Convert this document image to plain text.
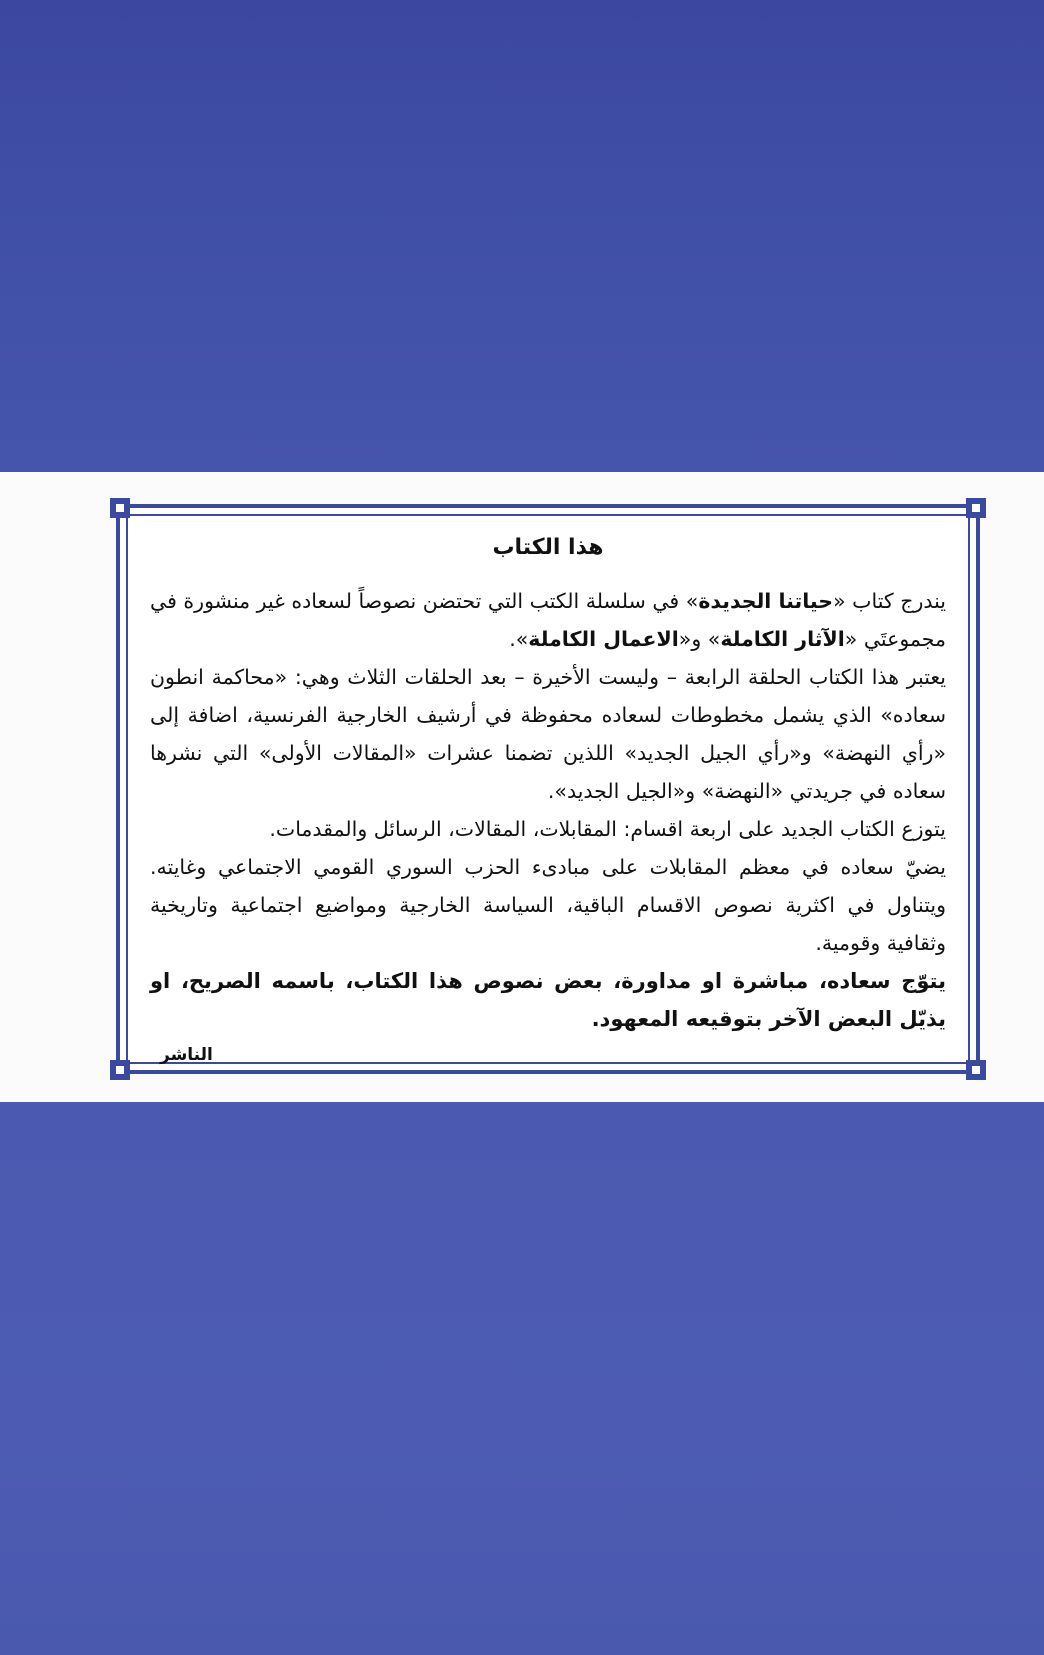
هذا الكتاب

يندرج كتاب «حياتنا الجديدة» في سلسلة الكتب التي تحتضن نصوصاً لسعاده غير منشورة في مجموعتَي «الآثار الكاملة» و«الاعمال الكاملة».

يعتبر هذا الكتاب الحلقة الرابعة – وليست الأخيرة – بعد الحلقات الثلاث وهي: «محاكمة انطون سعاده» الذي يشمل مخطوطات لسعاده محفوظة في أرشيف الخارجية الفرنسية، اضافة إلى «رأي النهضة» و«رأي الجيل الجديد» اللذين تضمنا عشرات «المقالات الأولى» التي نشرها سعاده في جريدتي «النهضة» و«الجيل الجديد».

يتوزع الكتاب الجديد على اربعة اقسام: المقابلات، المقالات، الرسائل والمقدمات.

يضيّ سعاده في معظم المقابلات على مبادىء الحزب السوري القومي الاجتماعي وغايته. ويتناول في اكثرية نصوص الاقسام الباقية، السياسة الخارجية ومواضيع اجتماعية وتاريخية وثقافية وقومية.

يتوّج سعاده، مباشرة او مداورة، بعض نصوص هذا الكتاب، باسمه الصريح، او يذيّل البعض الآخر بتوقيعه المعهود.

الناشر
